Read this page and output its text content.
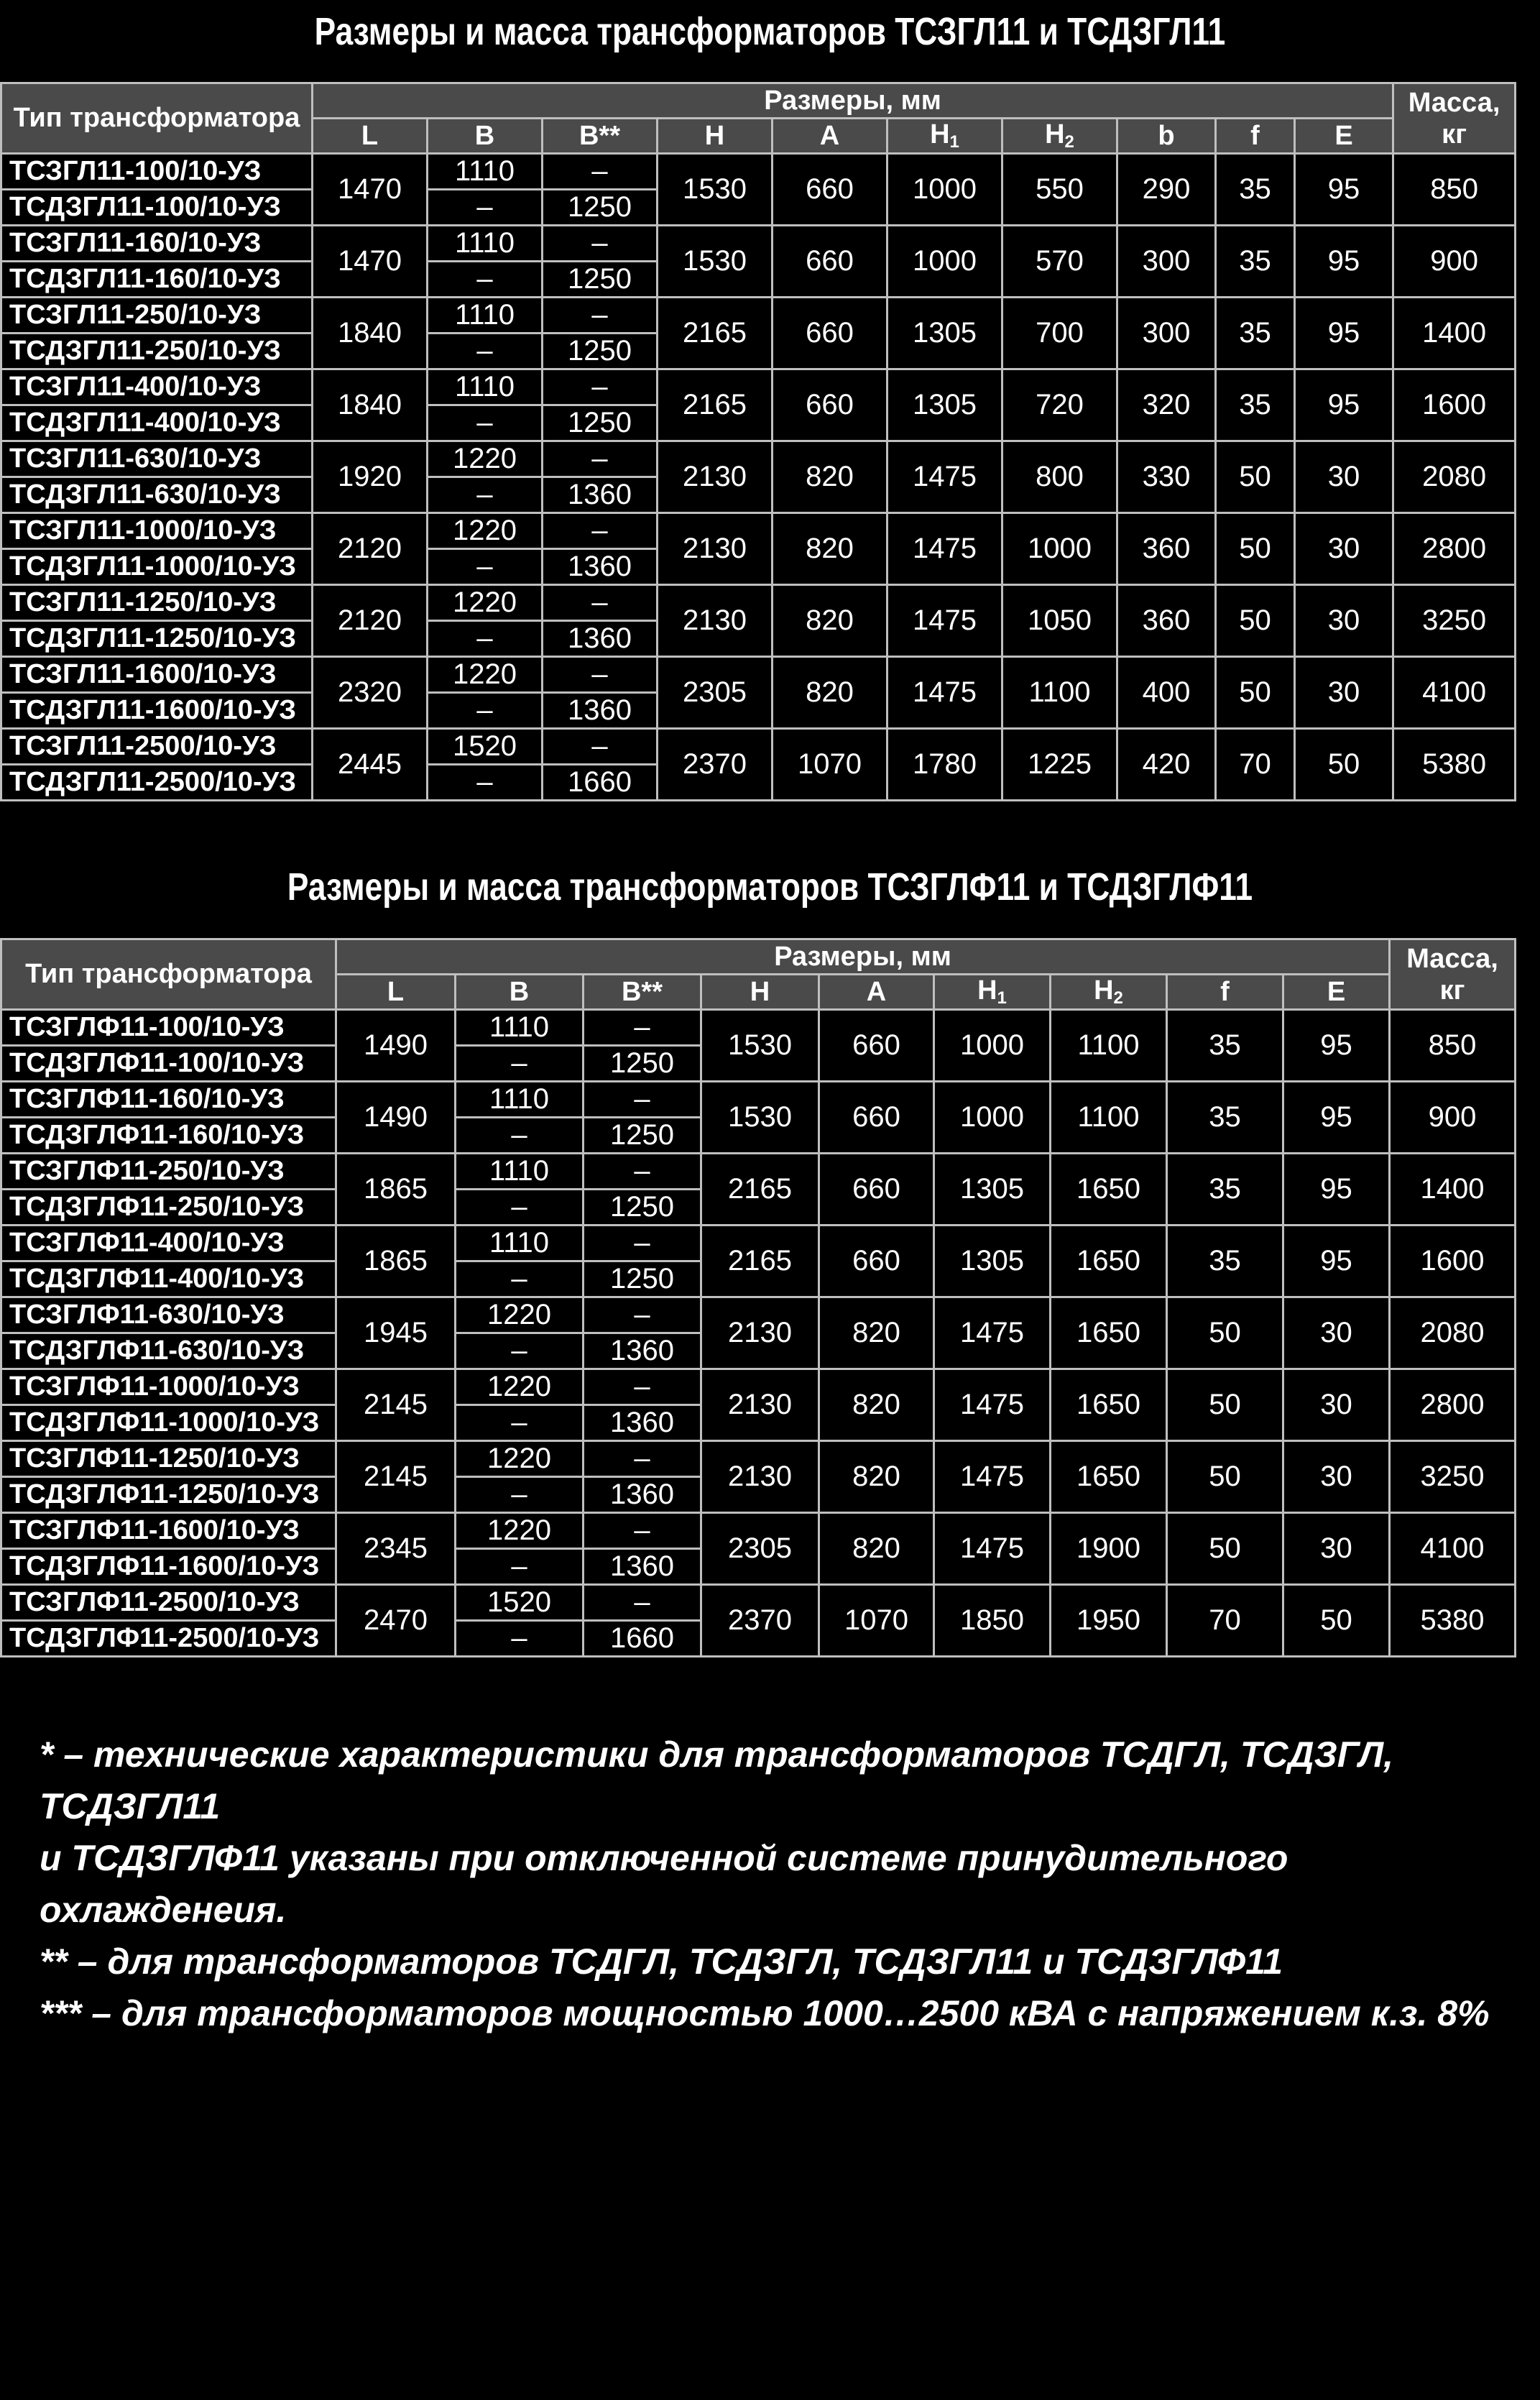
Размеры и масса трансформаторов ТСЗГЛ11 и ТСДЗГЛ11
Тип трансформатора	Размеры, мм										Масса, кг
	L	B	B**	H	A	$H_1$	$H_2$	b	f	E	
ТСЗГЛ11-100/10-УЗ	1470	1110	–	1530	660	1000	550	290	35	95	850
ТСДЗГЛ11-100/10-УЗ		–	1250								
ТСЗГЛ11-160/10-УЗ	1470	1110	–	1530	660	1000	570	300	35	95	900
ТСДЗГЛ11-160/10-УЗ		–	1250								
ТСЗГЛ11-250/10-УЗ	1840	1110	–	2165	660	1305	700	300	35	95	1400
ТСДЗГЛ11-250/10-УЗ		–	1250								
ТСЗГЛ11-400/10-УЗ	1840	1110	–	2165	660	1305	720	320	35	95	1600
ТСДЗГЛ11-400/10-УЗ		–	1250								
ТСЗГЛ11-630/10-УЗ	1920	1220	–	2130	820	1475	800	330	50	30	2080
ТСДЗГЛ11-630/10-УЗ		–	1360								
ТСЗГЛ11-1000/10-УЗ	2120	1220	–	2130	820	1475	1000	360	50	30	2800
ТСДЗГЛ11-1000/10-УЗ		–	1360								
ТСЗГЛ11-1250/10-УЗ	2120	1220	–	2130	820	1475	1050	360	50	30	3250
ТСДЗГЛ11-1250/10-УЗ		–	1360								
ТСЗГЛ11-1600/10-УЗ	2320	1220	–	2305	820	1475	1100	400	50	30	4100
ТСДЗГЛ11-1600/10-УЗ		–	1360								
ТСЗГЛ11-2500/10-УЗ	2445	1520	–	2370	1070	1780	1225	420	70	50	5380
ТСДЗГЛ11-2500/10-УЗ		–	1660								
Размеры и масса трансформаторов ТСЗГЛФ11 и ТСДЗГЛФ11
Тип трансформатора	Размеры, мм									Масса, кг
	L	B	B**	H	A	$H_1$	$H_2$	f	E	
ТСЗГЛФ11-100/10-УЗ	1490	1110	–	1530	660	1000	1100	35	95	850
ТСДЗГЛФ11-100/10-УЗ		–	1250							
ТСЗГЛФ11-160/10-УЗ	1490	1110	–	1530	660	1000	1100	35	95	900
ТСДЗГЛФ11-160/10-УЗ		–	1250							
ТСЗГЛФ11-250/10-УЗ	1865	1110	–	2165	660	1305	1650	35	95	1400
ТСДЗГЛФ11-250/10-УЗ		–	1250							
ТСЗГЛФ11-400/10-УЗ	1865	1110	–	2165	660	1305	1650	35	95	1600
ТСДЗГЛФ11-400/10-УЗ		–	1250							
ТСЗГЛФ11-630/10-УЗ	1945	1220	–	2130	820	1475	1650	50	30	2080
ТСДЗГЛФ11-630/10-УЗ		–	1360							
ТСЗГЛФ11-1000/10-УЗ	2145	1220	–	2130	820	1475	1650	50	30	2800
ТСДЗГЛФ11-1000/10-УЗ		–	1360							
ТСЗГЛФ11-1250/10-УЗ	2145	1220	–	2130	820	1475	1650	50	30	3250
ТСДЗГЛФ11-1250/10-УЗ		–	1360							
ТСЗГЛФ11-1600/10-УЗ	2345	1220	–	2305	820	1475	1900	50	30	4100
ТСДЗГЛФ11-1600/10-УЗ		–	1360							
ТСЗГЛФ11-2500/10-УЗ	2470	1520	–	2370	1070	1850	1950	70	50	5380
ТСДЗГЛФ11-2500/10-УЗ		–	1660							

* – технические характеристики для трансформаторов ТСДГЛ, ТСДЗГЛ, ТСДЗГЛ11

и ТСДЗГЛФ11 указаны при отключенной системе принудительного охлажденеия.

** – для трансформаторов ТСДГЛ, ТСДЗГЛ, ТСДЗГЛ11 и ТСДЗГЛФ11

*** – для трансформаторов мощностью 1000…2500 кВА с напряжением к.з. 8%
